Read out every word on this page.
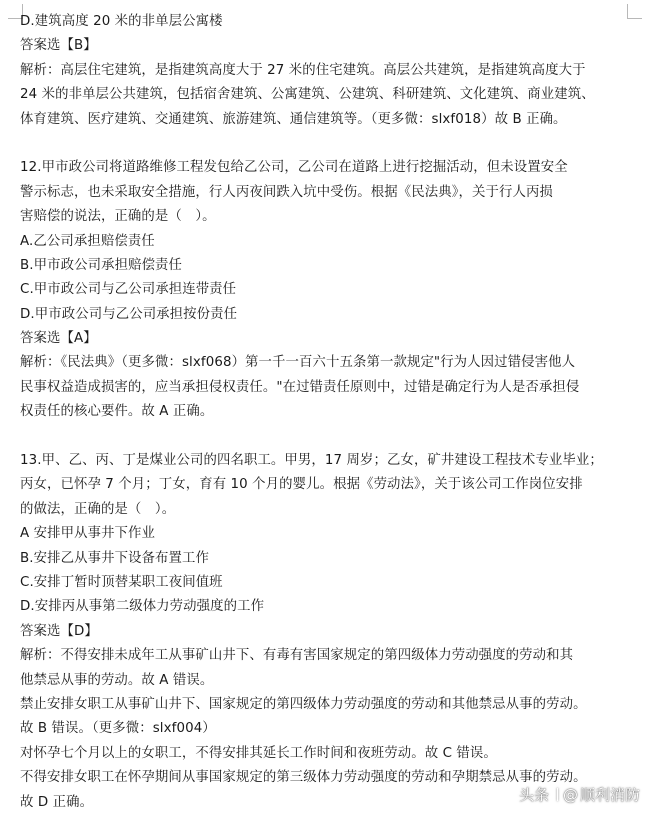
D.建筑高度 20 米的非单层公寓楼
答案选【B】
解析：高层住宅建筑，是指建筑高度大于 27 米的住宅建筑。高层公共建筑，是指建筑高度大于
24 米的非单层公共建筑，包括宿舍建筑、公寓建筑、公建筑、科研建筑、文化建筑、商业建筑、
体育建筑、医疗建筑、交通建筑、旅游建筑、通信建筑等。（更多微：slxf018）故 B 正确。
12.甲市政公司将道路维修工程发包给乙公司，乙公司在道路上进行挖掘活动，但未设置安全
警示标志，也未采取安全措施，行人丙夜间跌入坑中受伤。根据《民法典》，关于行人丙损
害赔偿的说法，正确的是（　）。
A.乙公司承担赔偿责任
B.甲市政公司承担赔偿责任
C.甲市政公司与乙公司承担连带责任
D.甲市政公司与乙公司承担按份责任
答案选【A】
解析：《民法典》（更多微：slxf068）第一千一百六十五条第一款规定"行为人因过错侵害他人
民事权益造成损害的，应当承担侵权责任。"在过错责任原则中，过错是确定行为人是否承担侵
权责任的核心要件。故 A 正确。
13.甲、乙、丙、丁是煤业公司的四名职工。甲男，17 周岁；乙女，矿井建设工程技术专业毕业；
丙女，已怀孕 7 个月；丁女，育有 10 个月的婴儿。根据《劳动法》，关于该公司工作岗位安排
的做法，正确的是（　）。
A 安排甲从事井下作业
B.安排乙从事井下设备布置工作
C.安排丁暂时顶替某职工夜间值班
D.安排丙从事第二级体力劳动强度的工作
答案选【D】
解析：不得安排未成年工从事矿山井下、有毒有害国家规定的第四级体力劳动强度的劳动和其
他禁忌从事的劳动。故 A 错误。
禁止安排女职工从事矿山井下、国家规定的第四级体力劳动强度的劳动和其他禁忌从事的劳动。
故 B 错误。（更多微：slxf004）
对怀孕七个月以上的女职工，不得安排其延长工作时间和夜班劳动。故 C 错误。
不得安排女职工在怀孕期间从事国家规定的第三级体力劳动强度的劳动和孕期禁忌从事的劳动。
故 D 正确。	头条 @ 顺利消防
